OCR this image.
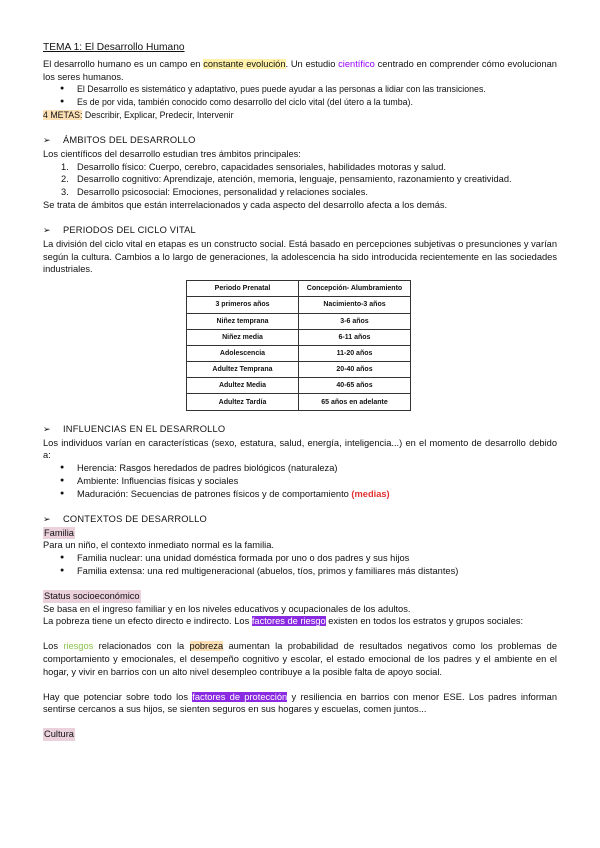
TEMA 1: El Desarrollo Humano

El desarrollo humano es un campo en constante evolución. Un estudio científico centrado en comprender cómo evolucionan los seres humanos.

● El Desarrollo es sistemático y adaptativo, pues puede ayudar a las personas a lidiar con las transiciones.
● Es de por vida, también conocido como desarrollo del ciclo vital (del útero a la tumba).

4 METAS: Describir, Explicar, Predecir, Intervenir

➢	ÁMBITOS DEL DESARROLLO

Los científicos del desarrollo estudian tres ámbitos principales:

1. Desarrollo físico: Cuerpo, cerebro, capacidades sensoriales, habilidades motoras y salud.
2. Desarrollo cognitivo: Aprendizaje, atención, memoria, lenguaje, pensamiento, razonamiento y creatividad.
3. Desarrollo psicosocial: Emociones, personalidad y relaciones sociales.

Se trata de ámbitos que están interrelacionados y cada aspecto del desarrollo afecta a los demás.

➢	PERIODOS DEL CICLO VITAL

La división del ciclo vital en etapas es un constructo social. Está basado en percepciones subjetivas o presunciones y varían según la cultura. Cambios a lo largo de generaciones, la adolescencia ha sido introducida recientemente en las sociedades industriales.

Periodo Prenatal	Concepción- Alumbramiento
3 primeros años	Nacimiento-3 años
Niñez temprana	3-6 años
Niñez media	6-11 años
Adolescencia	11-20 años
Adultez Temprana	20-40 años
Adultez Media	40-65 años
Adultez Tardía	65 años en adelante
➢	INFLUENCIAS EN EL DESARROLLO

Los individuos varían en características (sexo, estatura, salud, energía, inteligencia...) en el momento de desarrollo debido a:

● Herencia: Rasgos heredados de padres biológicos (naturaleza)
● Ambiente: Influencias físicas y sociales
● Maduración: Secuencias de patrones físicos y de comportamiento (medias)
➢	CONTEXTOS DE DESARROLLO

Familia

Para un niño, el contexto inmediato normal es la familia.

● Familia nuclear: una unidad doméstica formada por uno o dos padres y sus hijos
● Familia extensa: una red multigeneracional (abuelos, tíos, primos y familiares más distantes)

Status socioeconómico

Se basa en el ingreso familiar y en los niveles educativos y ocupacionales de los adultos.

La pobreza tiene un efecto directo e indirecto. Los factores de riesgo existen en todos los estratos y grupos sociales:

Los riesgos relacionados con la pobreza aumentan la probabilidad de resultados negativos como los problemas de comportamiento y emocionales, el desempeño cognitivo y escolar, el estado emocional de los padres y el ambiente en el hogar, y vivir en barrios con un alto nivel desempleo contribuye a la posible falta de apoyo social.

Hay que potenciar sobre todo los factores de protección y resiliencia en barrios con menor ESE. Los padres informan sentirse cercanos a sus hijos, se sienten seguros en sus hogares y escuelas, comen juntos...

Cultura
